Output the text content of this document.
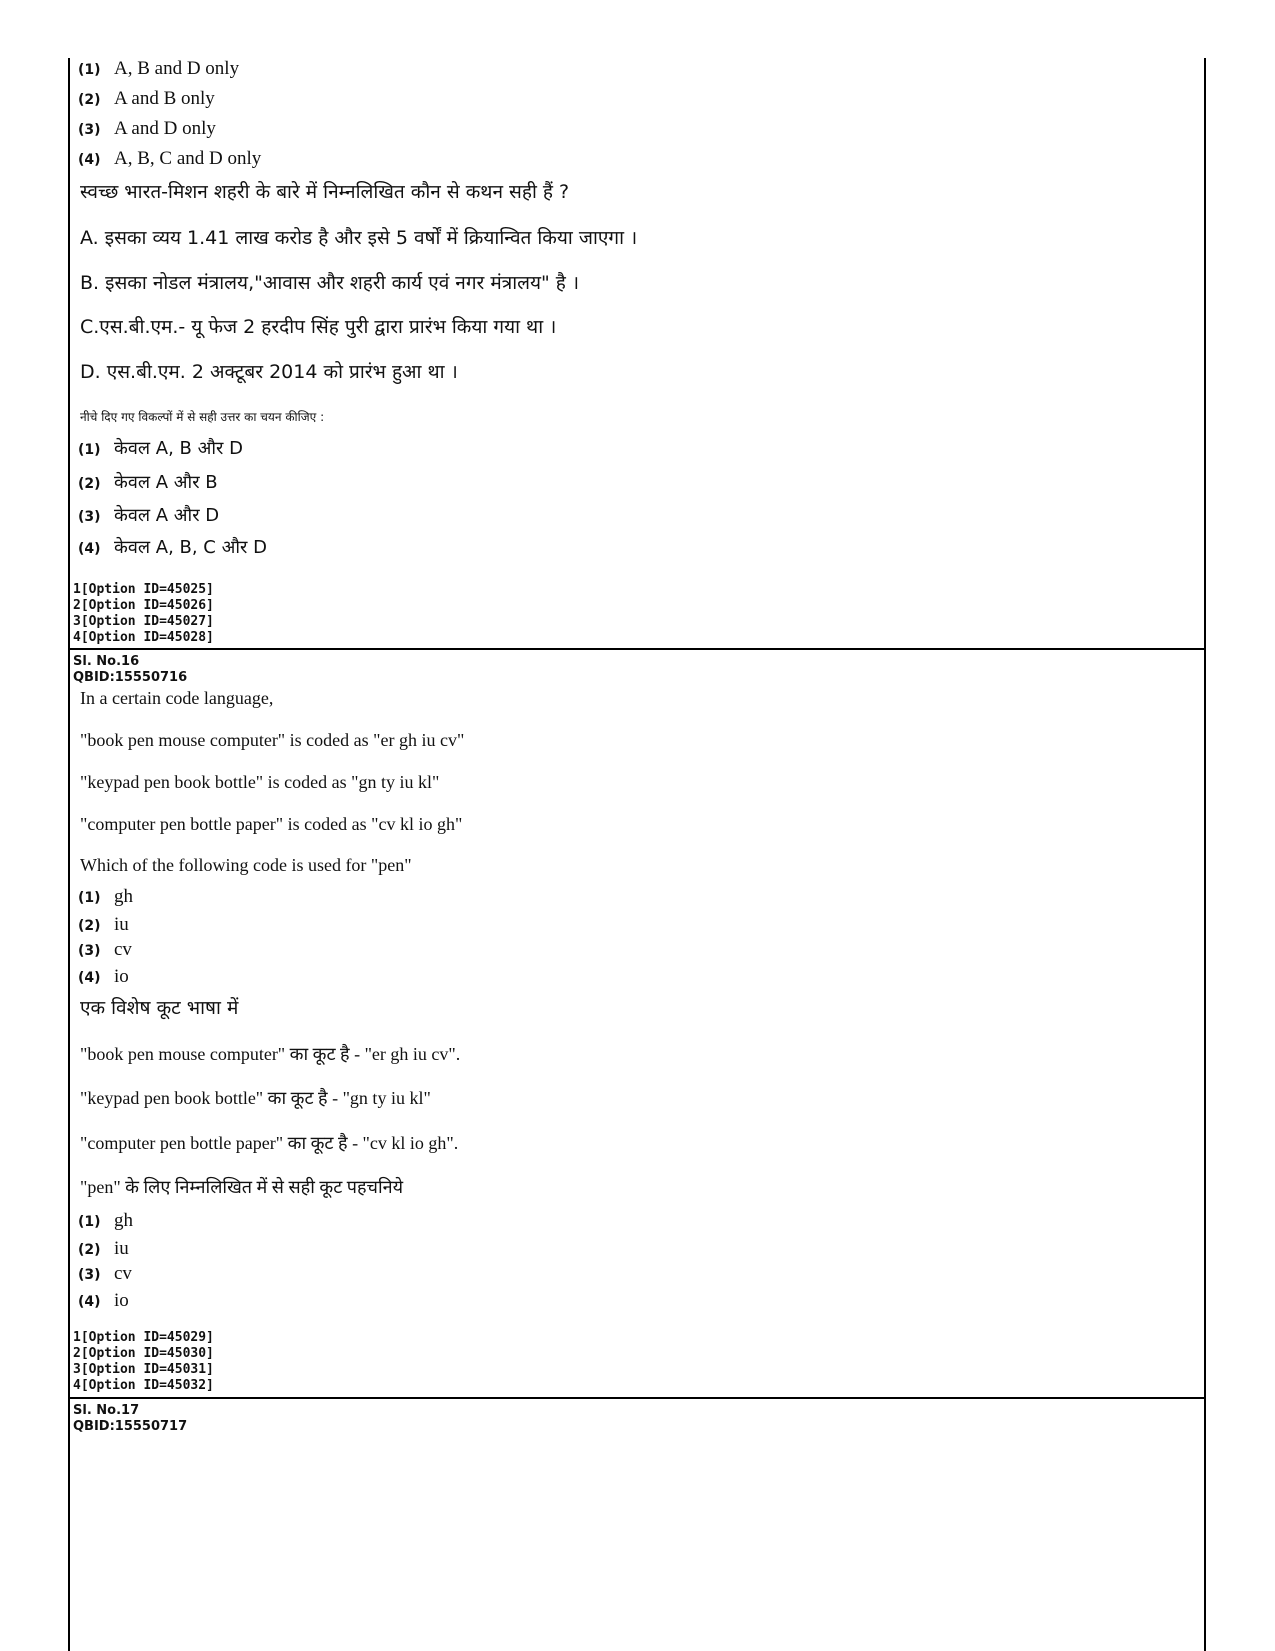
(1) A, B and D only
(2) A and B only
(3) A and D only
(4) A, B, C and D only
स्वच्छ भारत-मिशन शहरी के बारे में निम्नलिखित कौन से कथन सही हैं ?
A. इसका व्यय 1.41 लाख करोड है और इसे 5 वर्षों में क्रियान्वित किया जाएगा ।
B. इसका नोडल मंत्रालय,"आवास और शहरी कार्य एवं नगर मंत्रालय" है ।
C.एस.बी.एम.- यू फेज 2 हरदीप सिंह पुरी द्वारा प्रारंभ किया गया था ।
D. एस.बी.एम. 2 अक्टूबर 2014 को प्रारंभ हुआ था ।
नीचे दिए गए विकल्पों में से सही उत्तर का चयन कीजिए :
(1) केवल A, B और D
(2) केवल A और B
(3) केवल A और D
(4) केवल A, B, C और D
1[Option ID=45025]
2[Option ID=45026]
3[Option ID=45027]
4[Option ID=45028]
Sl. No.16
QBID:15550716
In a certain code language,
"book pen mouse computer" is coded as "er gh iu cv"
"keypad pen book bottle" is coded as "gn ty iu kl"
"computer pen bottle paper" is coded as "cv kl io gh"
Which of the following code is used for "pen"
(1) gh
(2) iu
(3) cv
(4) io
एक विशेष कूट भाषा में
"book pen mouse computer" का कूट है - "er gh iu cv".
"keypad pen book bottle" का कूट है - "gn ty iu kl"
"computer pen bottle paper" का कूट है - "cv kl io gh".
"pen" के लिए निम्नलिखित में से सही कूट पहचनिये
(1) gh
(2) iu
(3) cv
(4) io
1[Option ID=45029]
2[Option ID=45030]
3[Option ID=45031]
4[Option ID=45032]
Sl. No.17
QBID:15550717
